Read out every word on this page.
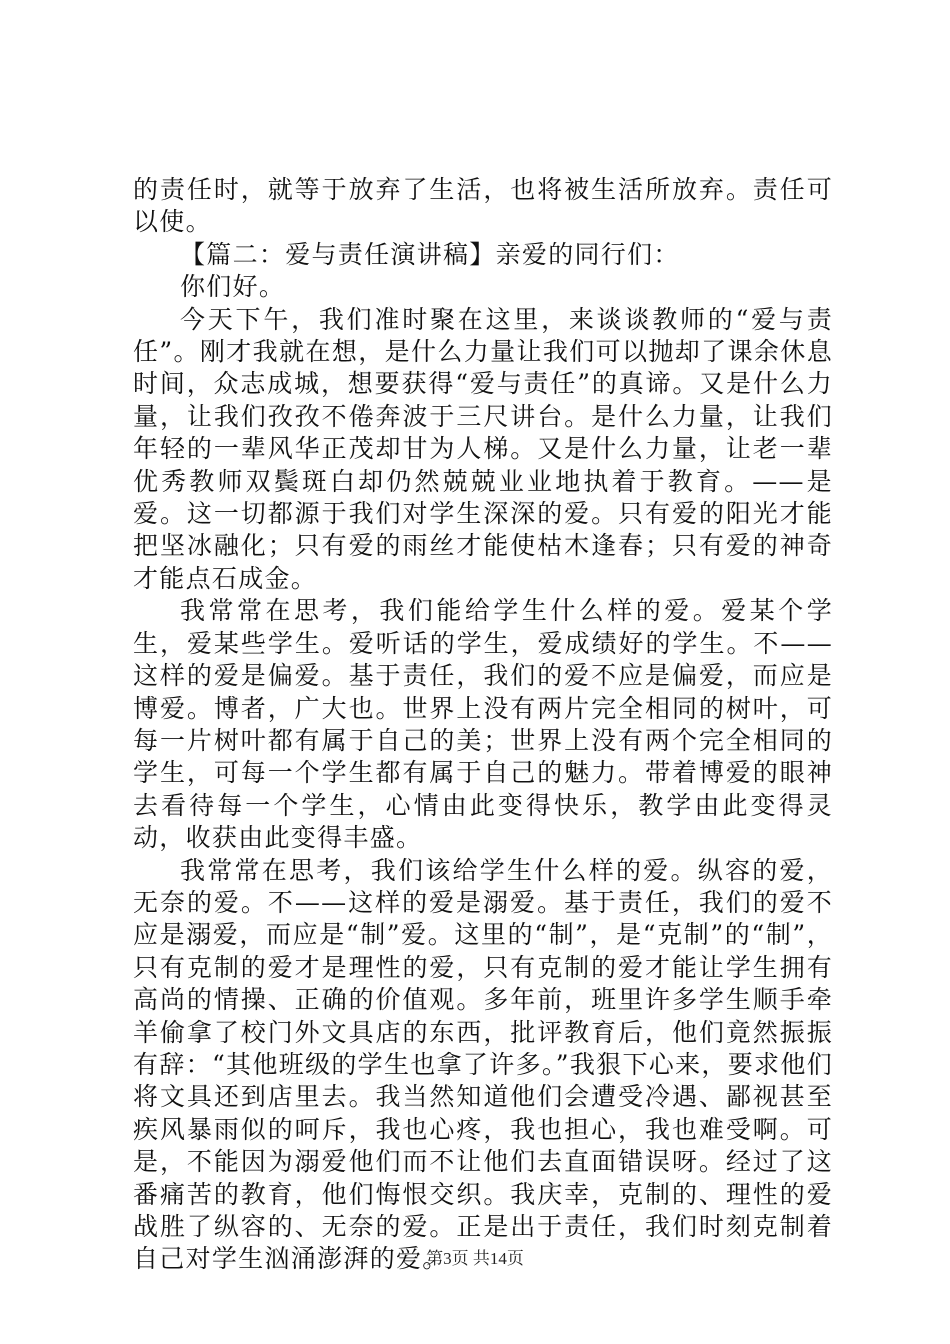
的责任时，就等于放弃了生活，也将被生活所放弃。责任可以使。

【篇二：爱与责任演讲稿】亲爱的同行们：

你们好。

今天下午，我们准时聚在这里，来谈谈教师的“爱与责任”。刚才我就在想，是什么力量让我们可以抛却了课余休息时间，众志成城，想要获得“爱与责任”的真谛。又是什么力量，让我们孜孜不倦奔波于三尺讲台。是什么力量，让我们年轻的一辈风华正茂却甘为人梯。又是什么力量，让老一辈优秀教师双鬓斑白却仍然兢兢业业地执着于教育。——是爱。这一切都源于我们对学生深深的爱。只有爱的阳光才能把坚冰融化；只有爱的雨丝才能使枯木逢春；只有爱的神奇才能点石成金。

我常常在思考，我们能给学生什么样的爱。爱某个学生，爱某些学生。爱听话的学生，爱成绩好的学生。不——这样的爱是偏爱。基于责任，我们的爱不应是偏爱，而应是博爱。博者，广大也。世界上没有两片完全相同的树叶，可每一片树叶都有属于自己的美；世界上没有两个完全相同的学生，可每一个学生都有属于自己的魅力。带着博爱的眼神去看待每一个学生，心情由此变得快乐，教学由此变得灵动，收获由此变得丰盛。

我常常在思考，我们该给学生什么样的爱。纵容的爱，无奈的爱。不——这样的爱是溺爱。基于责任，我们的爱不应是溺爱，而应是“制”爱。这里的“制”，是“克制”的“制”，只有克制的爱才是理性的爱，只有克制的爱才能让学生拥有高尚的情操、正确的价值观。多年前，班里许多学生顺手牵羊偷拿了校门外文具店的东西，批评教育后，他们竟然振振有辞：“其他班级的学生也拿了许多。”我狠下心来，要求他们将文具还到店里去。我当然知道他们会遭受冷遇、鄙视甚至疾风暴雨似的呵斥，我也心疼，我也担心，我也难受啊。可是，不能因为溺爱他们而不让他们去直面错误呀。经过了这番痛苦的教育，他们悔恨交织。我庆幸，克制的、理性的爱战胜了纵容的、无奈的爱。正是出于责任，我们时刻克制着自己对学生汹涌澎湃的爱。

第3页 共14页
